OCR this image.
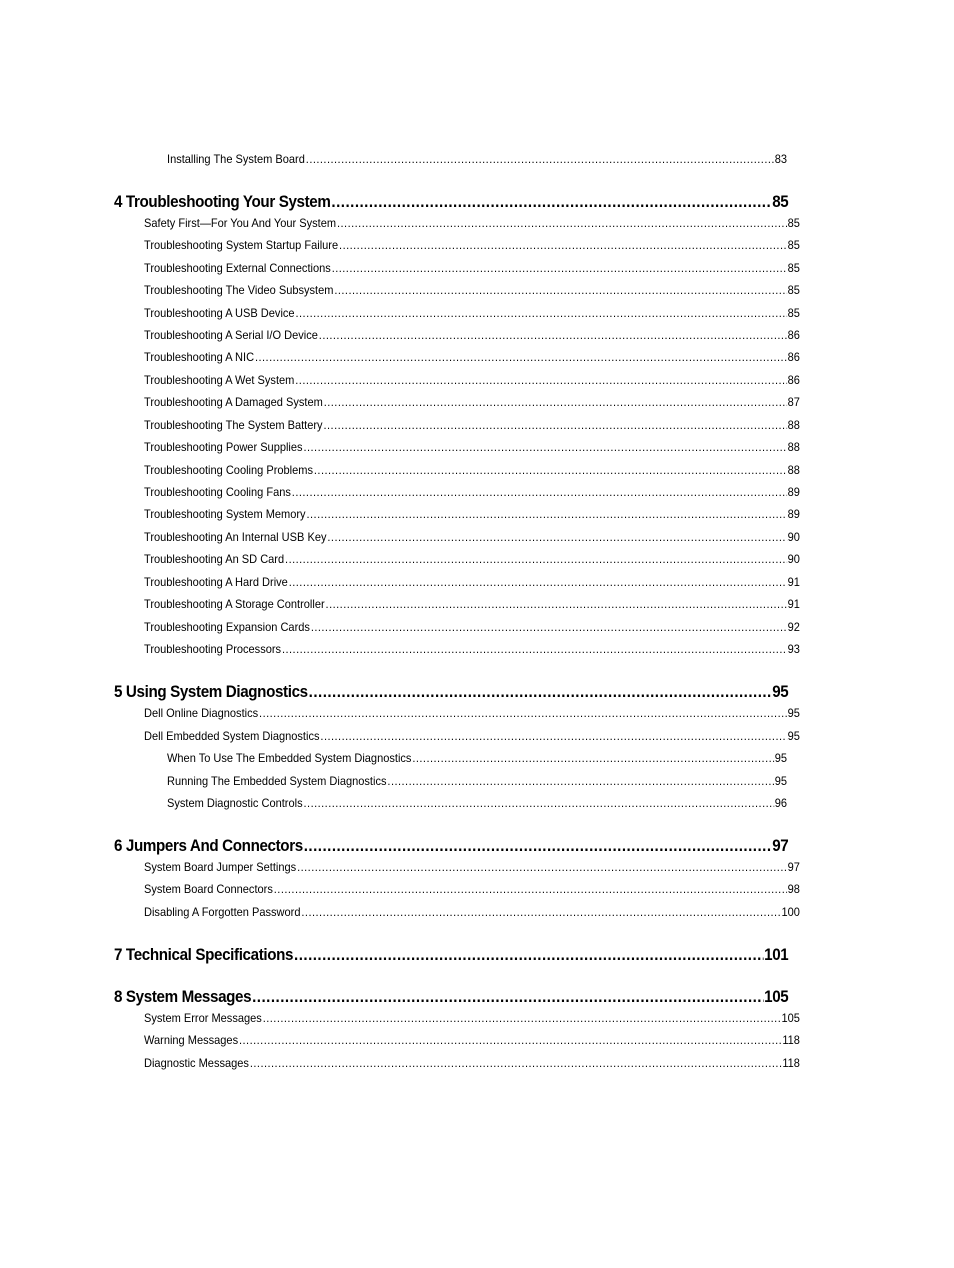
Installing The System Board .....	83
4 Troubleshooting Your System .....	85
Safety First—For You And Your System .....	85
Troubleshooting System Startup Failure .....	85
Troubleshooting External Connections .....	85
Troubleshooting The Video Subsystem .....	85
Troubleshooting A USB Device .....	85
Troubleshooting A Serial I/O Device .....	86
Troubleshooting A NIC .....	86
Troubleshooting A Wet System .....	86
Troubleshooting A Damaged System .....	87
Troubleshooting The System Battery .....	88
Troubleshooting Power Supplies .....	88
Troubleshooting Cooling Problems .....	88
Troubleshooting Cooling Fans .....	89
Troubleshooting System Memory .....	89
Troubleshooting An Internal USB Key .....	90
Troubleshooting An SD Card .....	90
Troubleshooting A Hard Drive .....	91
Troubleshooting A Storage Controller .....	91
Troubleshooting Expansion Cards .....	92
Troubleshooting Processors .....	93
5 Using System Diagnostics .....	95
Dell Online Diagnostics .....	95
Dell Embedded System Diagnostics .....	95
When To Use The Embedded System Diagnostics .....	95
Running The Embedded System Diagnostics .....	95
System Diagnostic Controls .....	96
6 Jumpers And Connectors .....	97
System Board Jumper Settings .....	97
System Board Connectors .....	98
Disabling A Forgotten Password .....	100
7 Technical Specifications .....	101
8 System Messages .....	105
System Error Messages .....	105
Warning Messages .....	118
Diagnostic Messages .....	118
